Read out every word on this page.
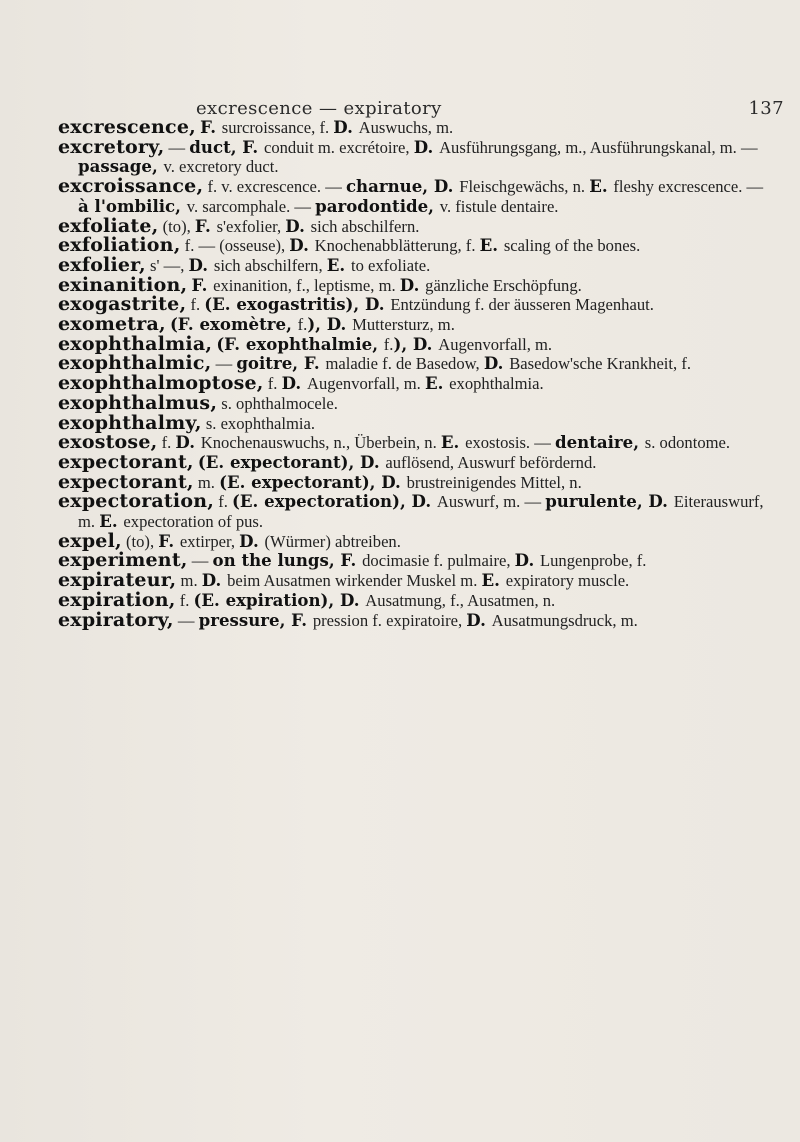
excrescence — expiratory	137

excrescence, F. surcroissance, f. D. Auswuchs, m.

excretory, — duct, F. conduit m. excrétoire, D. Ausführungsgang, m., Ausführungskanal, m. — passage, v. excretory duct.

excroissance, f. v. excrescence. — charnue, D. Fleischgewächs, n. E. fleshy excrescence. — à l'ombilic, v. sarcomphale. — parodontide, v. fistule dentaire.

exfoliate, (to), F. s'exfolier, D. sich abschilfern.

exfoliation, f. — (osseuse), D. Knochenabblätterung, f. E. scaling of the bones.

exfolier, s' —, D. sich abschilfern, E. to exfoliate.

exinanition, F. exinanition, f., leptisme, m. D. gänzliche Erschöpfung.

exogastrite, f. (E. exogastritis), D. Entzündung f. der äusseren Magenhaut.

exometra, (F. exomètre, f.), D. Muttersturz, m.

exophthalmia, (F. exophthalmie, f.), D. Augenvorfall, m.

exophthalmic, — goitre, F. maladie f. de Basedow, D. Basedow'sche Krankheit, f.

exophthalmoptose, f. D. Augenvorfall, m. E. exophthalmia.

exophthalmus, s. ophthalmocele.

exophthalmy, s. exophthalmia.

exostose, f. D. Knochenauswuchs, n., Überbein, n. E. exostosis. — dentaire, s. odontome.

expectorant, (E. expectorant), D. auflösend, Auswurf befördernd.

expectorant, m. (E. expectorant), D. brustreinigendes Mittel, n.

expectoration, f. (E. expectoration), D. Auswurf, m. — purulente, D. Eiterauswurf, m. E. expectoration of pus.

expel, (to), F. extirper, D. (Würmer) abtreiben.

experiment, — on the lungs, F. docimasie f. pulmaire, D. Lungenprobe, f.

expirateur, m. D. beim Ausatmen wirkender Muskel m. E. expiratory muscle.

expiration, f. (E. expiration), D. Ausatmung, f., Ausatmen, n.

expiratory, — pressure, F. pression f. expiratoire, D. Ausatmungsdruck, m.
